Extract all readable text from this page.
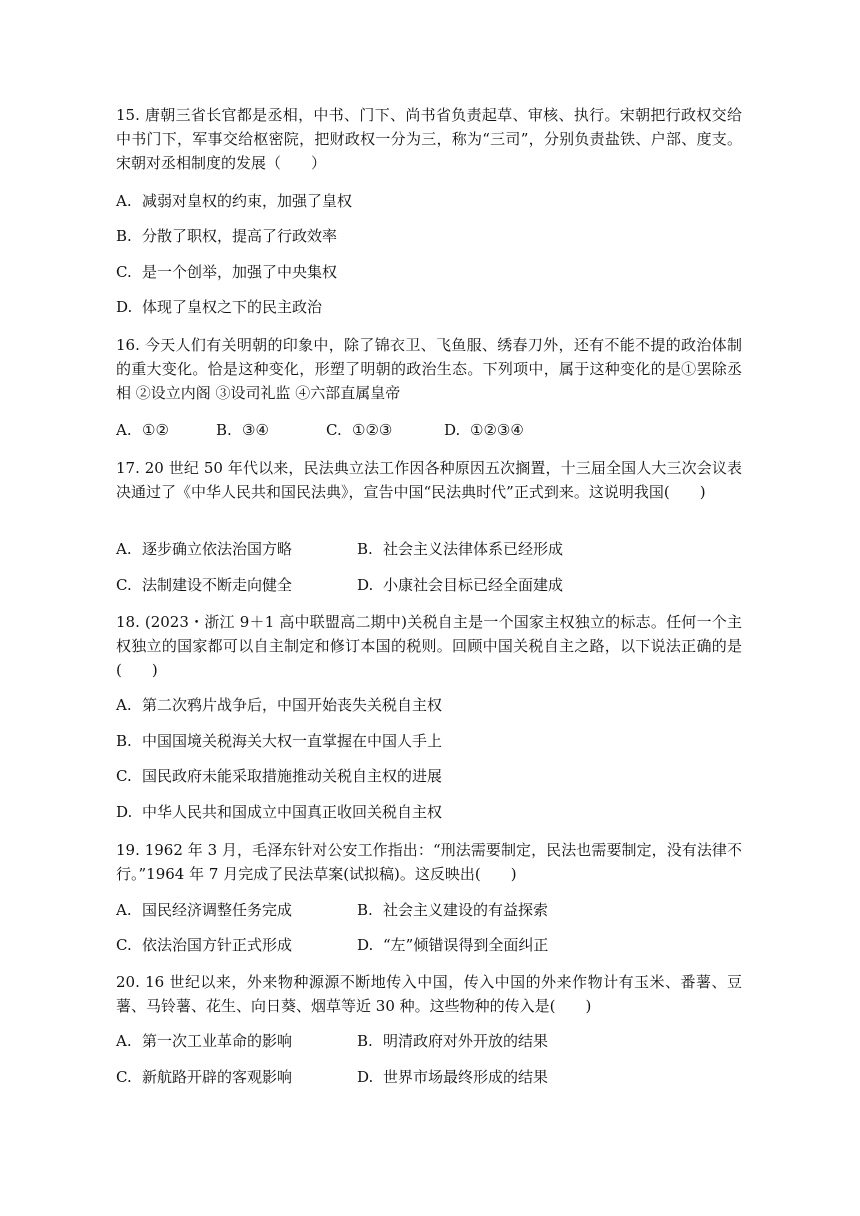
15. 唐朝三省长官都是丞相，中书、门下、尚书省负责起草、审核、执行。宋朝把行政权交给中书门下，军事交给枢密院，把财政权一分为三，称为“三司”，分别负责盐铁、户部、度支。宋朝对丞相制度的发展（　　）
A. 减弱对皇权的约束，加强了皇权
B. 分散了职权，提高了行政效率
C. 是一个创举，加强了中央集权
D. 体现了皇权之下的民主政治
16. 今天人们有关明朝的印象中，除了锦衣卫、飞鱼服、绣春刀外，还有不能不提的政治体制的重大变化。恰是这种变化，形塑了明朝的政治生态。下列项中，属于这种变化的是①罢除丞相 ②设立内阁 ③设司礼监 ④六部直属皇帝
A. ①②	B. ③④	C. ①②③	D. ①②③④
17. 20 世纪 50 年代以来，民法典立法工作因各种原因五次搁置，十三届全国人大三次会议表决通过了《中华人民共和国民法典》，宣告中国“民法典时代”正式到来。这说明我国(　　)
A. 逐步确立依法治国方略	B. 社会主义法律体系已经形成
C. 法制建设不断走向健全	D. 小康社会目标已经全面建成
18. (2023・浙江 9＋1 高中联盟高二期中)关税自主是一个国家主权独立的标志。任何一个主权独立的国家都可以自主制定和修订本国的税则。回顾中国关税自主之路，以下说法正确的是(　　)
A. 第二次鸦片战争后，中国开始丧失关税自主权
B. 中国国境关税海关大权一直掌握在中国人手上
C. 国民政府未能采取措施推动关税自主权的进展
D. 中华人民共和国成立中国真正收回关税自主权
19. 1962 年 3 月，毛泽东针对公安工作指出：“刑法需要制定，民法也需要制定，没有法律不行。”1964 年 7 月完成了民法草案(试拟稿)。这反映出(　　)
A. 国民经济调整任务完成	B. 社会主义建设的有益探索
C. 依法治国方针正式形成	D. “左”倾错误得到全面纠正
20. 16 世纪以来，外来物种源源不断地传入中国，传入中国的外来作物计有玉米、番薯、豆薯、马铃薯、花生、向日葵、烟草等近 30 种。这些物种的传入是(　　)
A. 第一次工业革命的影响	B. 明清政府对外开放的结果
C. 新航路开辟的客观影响	D. 世界市场最终形成的结果
